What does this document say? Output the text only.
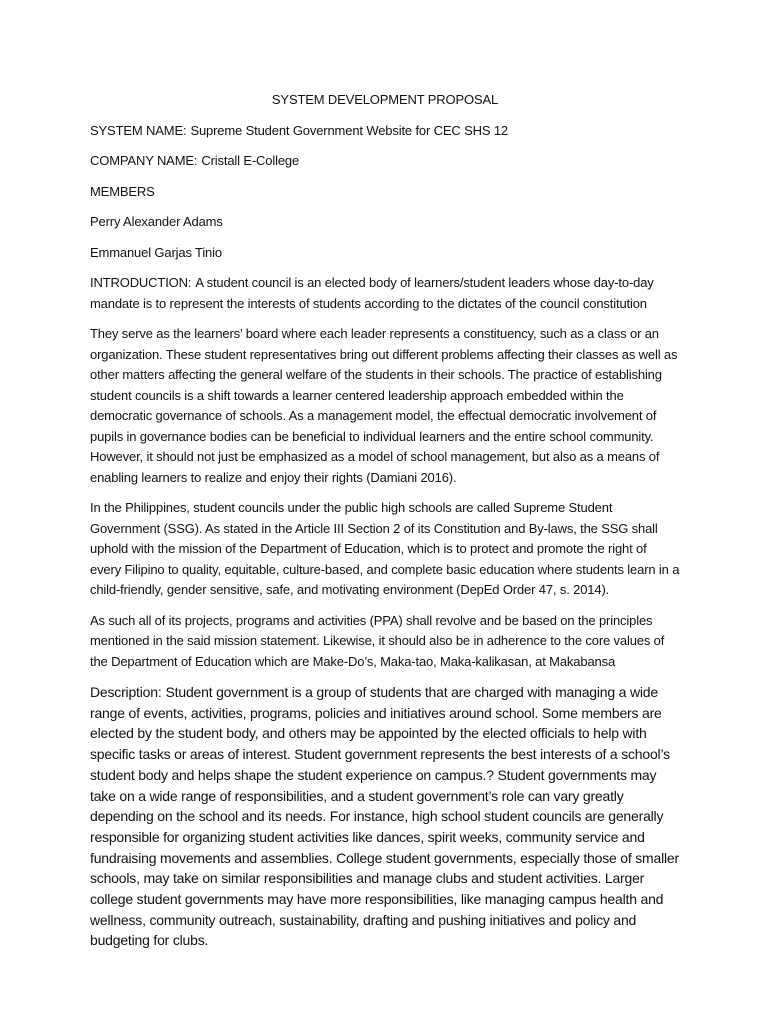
SYSTEM DEVELOPMENT PROPOSAL

SYSTEM NAME: Supreme Student Government Website for CEC SHS 12

COMPANY NAME: Cristall E-College

MEMBERS

Perry Alexander Adams

Emmanuel Garjas Tinio

INTRODUCTION: A student council is an elected body of learners/student leaders whose day-to-day mandate is to represent the interests of students according to the dictates of the council constitution

They serve as the learners’ board where each leader represents a constituency, such as a class or an organization. These student representatives bring out different problems affecting their classes as well as other matters affecting the general welfare of the students in their schools. The practice of establishing student councils is a shift towards a learner centered leadership approach embedded within the democratic governance of schools. As a management model, the effectual democratic involvement of pupils in governance bodies can be beneficial to individual learners and the entire school community. However, it should not just be emphasized as a model of school management, but also as a means of enabling learners to realize and enjoy their rights (Damiani 2016).

In the Philippines, student councils under the public high schools are called Supreme Student Government (SSG). As stated in the Article III Section 2 of its Constitution and By-laws, the SSG shall uphold with the mission of the Department of Education, which is to protect and promote the right of every Filipino to quality, equitable, culture-based, and complete basic education where students learn in a child-friendly, gender sensitive, safe, and motivating environment (DepEd Order 47, s. 2014).

As such all of its projects, programs and activities (PPA) shall revolve and be based on the principles mentioned in the said mission statement. Likewise, it should also be in adherence to the core values of the Department of Education which are Make-Do’s, Maka-tao, Maka-kalikasan, at Makabansa

Description: Student government is a group of students that are charged with managing a wide range of events, activities, programs, policies and initiatives around school. Some members are elected by the student body, and others may be appointed by the elected officials to help with specific tasks or areas of interest. Student government represents the best interests of a school’s student body and helps shape the student experience on campus.? Student governments may take on a wide range of responsibilities, and a student government’s role can vary greatly depending on the school and its needs. For instance, high school student councils are generally responsible for organizing student activities like dances, spirit weeks, community service and fundraising movements and assemblies. College student governments, especially those of smaller schools, may take on similar responsibilities and manage clubs and student activities. Larger college student governments may have more responsibilities, like managing campus health and wellness, community outreach, sustainability, drafting and pushing initiatives and policy and budgeting for clubs.
